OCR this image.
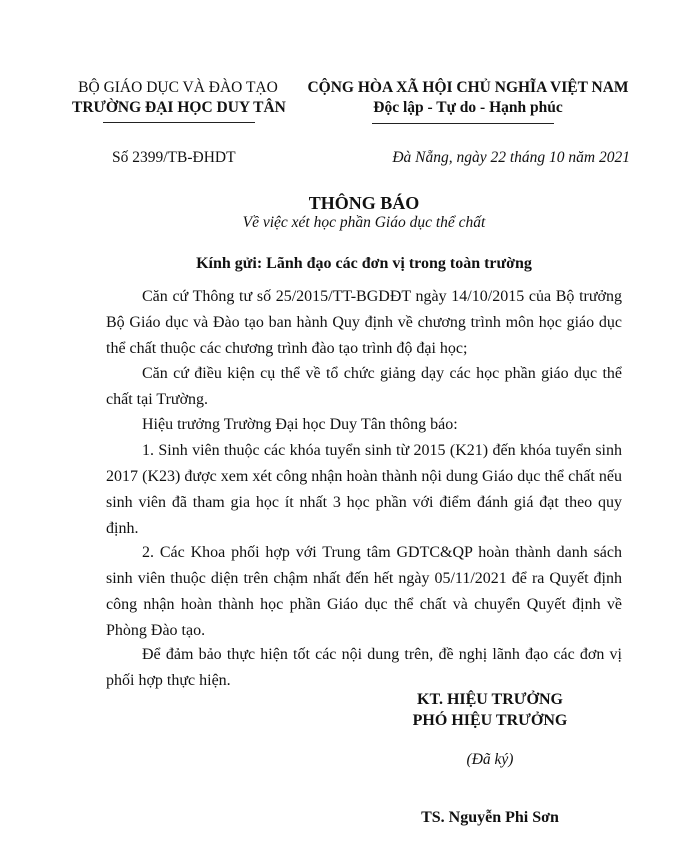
BỘ GIÁO DỤC VÀ ĐÀO TẠO
TRƯỜNG ĐẠI HỌC DUY TÂN
CỘNG HÒA XÃ HỘI CHỦ NGHĨA VIỆT NAM
Độc lập - Tự do - Hạnh phúc
Số 2399/TB-ĐHDT	Đà Nẵng, ngày 22 tháng 10 năm 2021
THÔNG BÁO
Về việc xét học phần Giáo dục thể chất
Kính gửi: Lãnh đạo các đơn vị trong toàn trường
Căn cứ Thông tư số 25/2015/TT-BGDĐT ngày 14/10/2015 của Bộ trưởng Bộ Giáo dục và Đào tạo ban hành Quy định về chương trình môn học giáo dục thể chất thuộc các chương trình đào tạo trình độ đại học;
Căn cứ điều kiện cụ thể về tổ chức giảng dạy các học phần giáo dục thể chất tại Trường.
Hiệu trưởng Trường Đại học Duy Tân thông báo:
1. Sinh viên thuộc các khóa tuyển sinh từ 2015 (K21) đến khóa tuyển sinh 2017 (K23) được xem xét công nhận hoàn thành nội dung Giáo dục thể chất nếu sinh viên đã tham gia học ít nhất 3 học phần với điểm đánh giá đạt theo quy định.
2. Các Khoa phối hợp với Trung tâm GDTC&QP hoàn thành danh sách sinh viên thuộc diện trên chậm nhất đến hết ngày 05/11/2021 để ra Quyết định công nhận hoàn thành học phần Giáo dục thể chất và chuyển Quyết định về Phòng Đào tạo.
Để đảm bảo thực hiện tốt các nội dung trên, đề nghị lãnh đạo các đơn vị phối hợp thực hiện.
KT. HIỆU TRƯỞNG
PHÓ HIỆU TRƯỞNG
(Đã ký)
TS. Nguyễn Phi Sơn
